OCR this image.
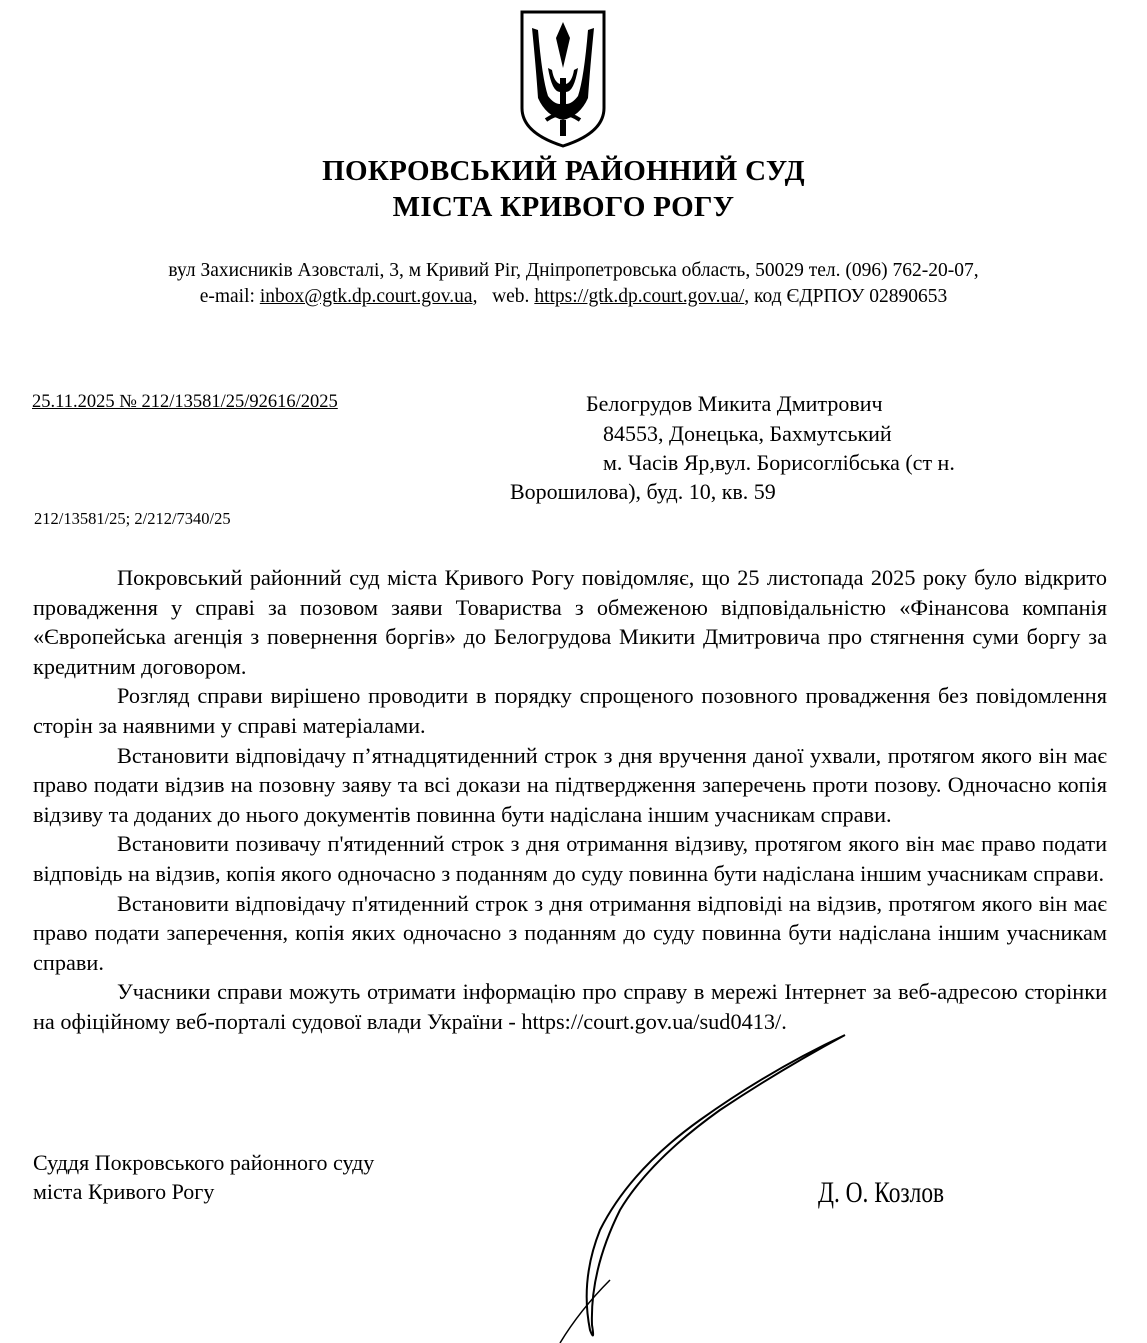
ПОКРОВСЬКИЙ РАЙОННИЙ СУД
МІСТА КРИВОГО РОГУ
вул Захисників Азовсталі, 3, м Кривий Ріг, Дніпропетровська область, 50029 тел. (096) 762-20-07,
e-mail: inbox@gtk.dp.court.gov.ua,   web. https://gtk.dp.court.gov.ua/, код ЄДРПОУ 02890653
25.11.2025 № 212/13581/25/92616/2025	Белогрудов Микита Дмитрович
84553, Донецька, Бахмутський
м. Часів Яр,вул. Борисоглібська (ст н.
Ворошилова), буд. 10, кв. 59
212/13581/25; 2/212/7340/25

Покровський районний суд міста Кривого Рогу повідомляє, що 25 листопада 2025 року було відкрито провадження у справі за позовом заяви Товариства з обмеженою відповідальністю «Фінансова компанія «Європейська агенція з повернення боргів» до Белогрудова Микити Дмитровича про стягнення суми боргу за кредитним договором.

Розгляд справи вирішено проводити в порядку спрощеного позовного провадження без повідомлення сторін за наявними у справі матеріалами.

Встановити відповідачу п’ятнадцятиденний строк з дня вручення даної ухвали, протягом якого він має право подати відзив на позовну заяву та всі докази на підтвердження заперечень проти позову. Одночасно копія відзиву та доданих до нього документів повинна бути надіслана іншим учасникам справи.

Встановити позивачу п'ятиденний строк з дня отримання відзиву, протягом якого він має право подати відповідь на відзив, копія якого одночасно з поданням до суду повинна бути надіслана іншим учасникам справи.

Встановити відповідачу п'ятиденний строк з дня отримання відповіді на відзив, протягом якого він має право подати заперечення, копія яких одночасно з поданням до суду повинна бути надіслана іншим учасникам справи.

Учасники справи можуть отримати інформацію про справу в мережі Інтернет за веб-адресою сторінки на офіційному веб-порталі судової влади України - https://court.gov.ua/sud0413/.

Суддя Покровського районного суду
міста Кривого Рогу	Д. О. Козлов
